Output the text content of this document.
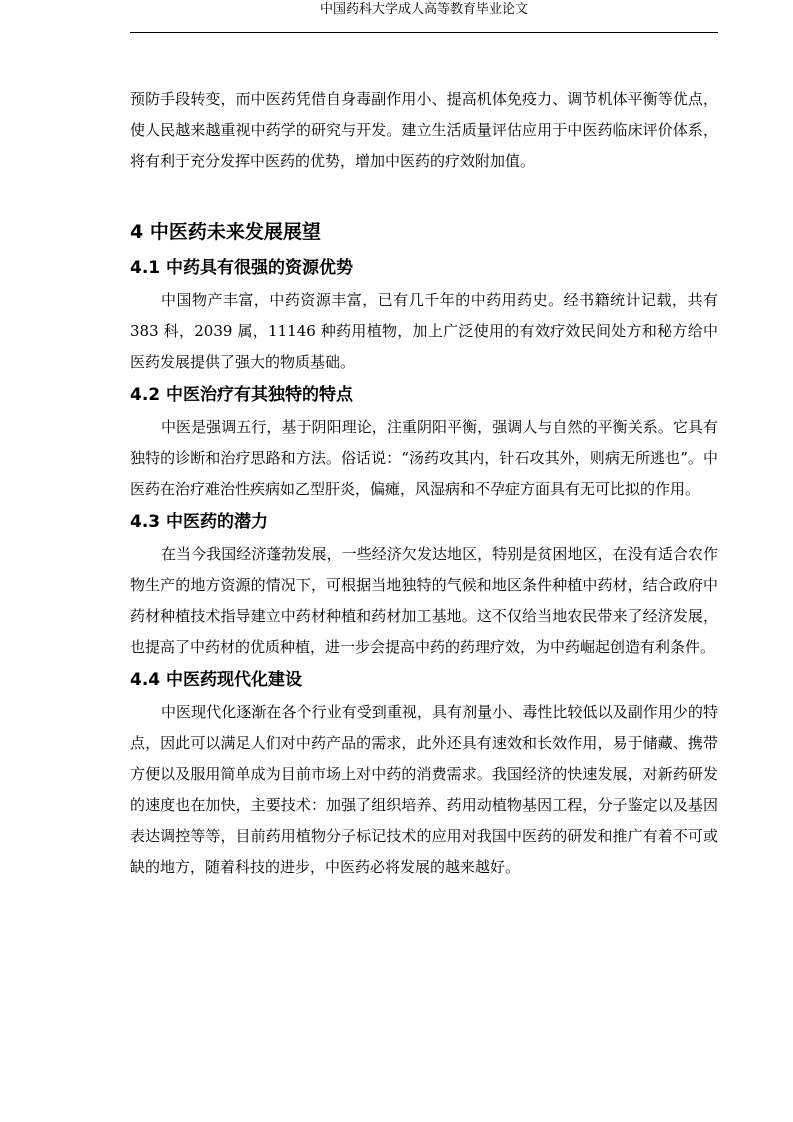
中国药科大学成人高等教育毕业论文

预防手段转变，而中医药凭借自身毒副作用小、提高机体免疫力、调节机体平衡等优点，使人民越来越重视中药学的研究与开发。建立生活质量评估应用于中医药临床评价体系，将有利于充分发挥中医药的优势，增加中医药的疗效附加值。

4 中医药未来发展展望
4.1 中药具有很强的资源优势

中国物产丰富，中药资源丰富，已有几千年的中药用药史。经书籍统计记载，共有 383 科，2039 属，11146 种药用植物，加上广泛使用的有效疗效民间处方和秘方给中医药发展提供了强大的物质基础。

4.2 中医治疗有其独特的特点

中医是强调五行，基于阴阳理论，注重阴阳平衡，强调人与自然的平衡关系。它具有独特的诊断和治疗思路和方法。俗话说：“汤药攻其内，针石攻其外，则病无所逃也”。中医药在治疗难治性疾病如乙型肝炎，偏瘫，风湿病和不孕症方面具有无可比拟的作用。

4.3 中医药的潜力

在当今我国经济蓬勃发展，一些经济欠发达地区，特别是贫困地区，在没有适合农作物生产的地方资源的情况下，可根据当地独特的气候和地区条件种植中药材，结合政府中药材种植技术指导建立中药材种植和药材加工基地。这不仅给当地农民带来了经济发展，也提高了中药材的优质种植，进一步会提高中药的药理疗效，为中药崛起创造有利条件。

4.4 中医药现代化建设

中医现代化逐渐在各个行业有受到重视，具有剂量小、毒性比较低以及副作用少的特点，因此可以满足人们对中药产品的需求，此外还具有速效和长效作用，易于储藏、携带方便以及服用简单成为目前市场上对中药的消费需求。我国经济的快速发展，对新药研发的速度也在加快，主要技术：加强了组织培养、药用动植物基因工程，分子鉴定以及基因表达调控等等，目前药用植物分子标记技术的应用对我国中医药的研发和推广有着不可或缺的地方，随着科技的进步，中医药必将发展的越来越好。
